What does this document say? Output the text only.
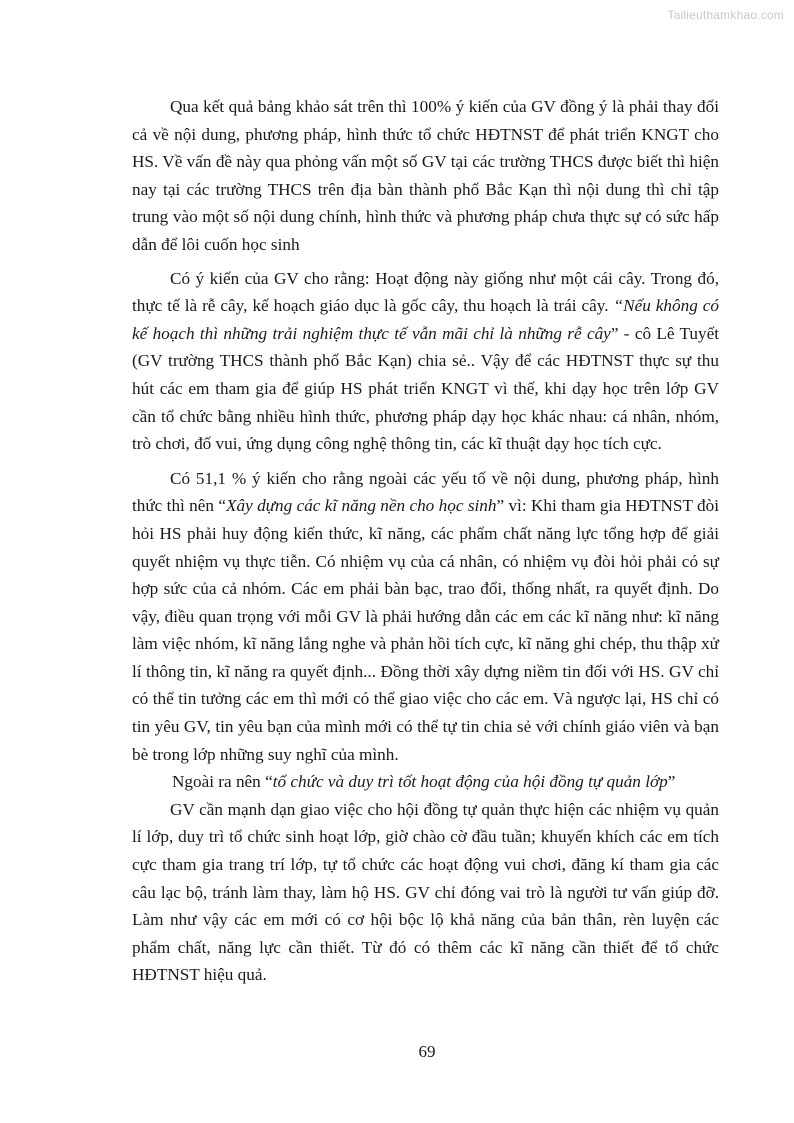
Tailieuthamkhao.com

Qua kết quả bảng khảo sát trên thì 100% ý kiến của GV đồng ý là phải thay đổi cả về nội dung, phương pháp, hình thức tổ chức HĐTNST để phát triển KNGT cho HS. Về vấn đề này qua phỏng vấn một số GV tại các trường THCS được biết thì hiện nay tại các trường THCS trên địa bàn thành phố Bắc Kạn thì nội dung thì chỉ tập trung vào một số nội dung chính, hình thức và phương pháp chưa thực sự có sức hấp dẫn để lôi cuốn học sinh

Có ý kiến của GV cho rằng: Hoạt động này giống như một cái cây. Trong đó, thực tế là rễ cây, kế hoạch giáo dục là gốc cây, thu hoạch là trái cây. “Nếu không có kế hoạch thì những trải nghiệm thực tế vẫn mãi chỉ là những rễ cây” - cô Lê Tuyết (GV trường THCS thành phố Bắc Kạn) chia sẻ.. Vậy để các HĐTNST thực sự thu hút các em tham gia để giúp HS phát triển KNGT vì thế, khi dạy học trên lớp GV cần tổ chức bằng nhiều hình thức, phương pháp dạy học khác nhau: cá nhân, nhóm, trò chơi, đố vui, ứng dụng công nghệ thông tin, các kĩ thuật dạy học tích cực.

Có 51,1 % ý kiến cho rằng ngoài các yếu tố về nội dung, phương pháp, hình thức thì nên “Xây dựng các kĩ năng nền cho học sinh” vì: Khi tham gia HĐTNST đòi hỏi HS phải huy động kiến thức, kĩ năng, các phẩm chất năng lực tổng hợp để giải quyết nhiệm vụ thực tiễn. Có nhiệm vụ của cá nhân, có nhiệm vụ đòi hỏi phải có sự hợp sức của cả nhóm. Các em phải bàn bạc, trao đổi, thống nhất, ra quyết định. Do vậy, điều quan trọng với mỗi GV là phải hướng dẫn các em các kĩ năng như: kĩ năng làm việc nhóm, kĩ năng lắng nghe và phản hồi tích cực, kĩ năng ghi chép, thu thập xử lí thông tin, kĩ năng ra quyết định... Đồng thời xây dựng niềm tin đối với HS. GV chỉ có thể tin tưởng các em thì mới có thể giao việc cho các em. Và ngược lại, HS chỉ có tin yêu GV, tin yêu bạn của mình mới có thể tự tin chia sẻ với chính giáo viên và bạn bè trong lớp những suy nghĩ của mình.

Ngoài ra nên “tổ chức và duy trì tốt hoạt động của hội đồng tự quản lớp”

GV cần mạnh dạn giao việc cho hội đồng tự quản thực hiện các nhiệm vụ quản lí lớp, duy trì tổ chức sinh hoạt lớp, giờ chào cờ đầu tuần; khuyến khích các em tích cực tham gia trang trí lớp, tự tổ chức các hoạt động vui chơi, đăng kí tham gia các câu lạc bộ, tránh làm thay, làm hộ HS. GV chỉ đóng vai trò là người tư vấn giúp đỡ. Làm như vậy các em mới có cơ hội bộc lộ khả năng của bản thân, rèn luyện các phẩm chất, năng lực cần thiết. Từ đó có thêm các kĩ năng cần thiết để tổ chức HĐTNST hiệu quả.

69
